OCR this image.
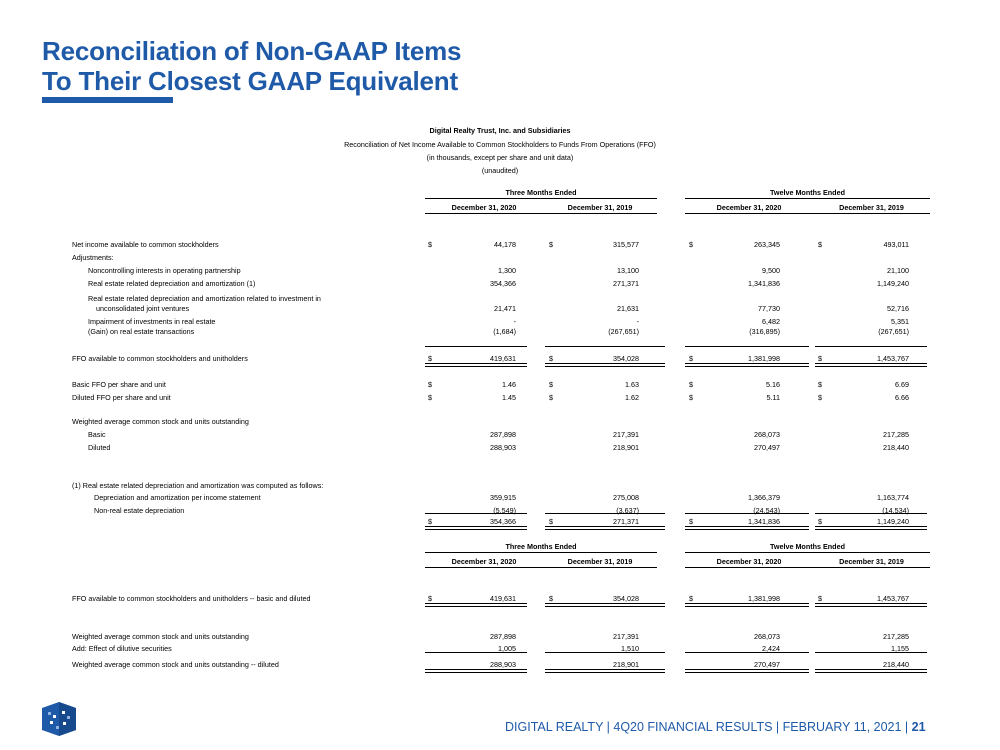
Reconciliation of Non-GAAP Items
To Their Closest GAAP Equivalent
Digital Realty Trust, Inc. and Subsidiaries
Reconciliation of Net Income Available to Common Stockholders to Funds From Operations (FFO)
(in thousands, except per share and unit data)
(unaudited)
Three Months Ended	Twelve Months Ended
December 31, 2020	December 31, 2019	December 31, 2020	December 31, 2019
Net income available to common stockholders	$	44,178	$	315,577	$	263,345	$	493,011
Adjustments:
Noncontrolling interests in operating partnership	1,300	13,100	9,500	21,100
Real estate related depreciation and amortization (1)	354,366	271,371	1,341,836	1,149,240
Real estate related depreciation and amortization related to investment in
unconsolidated joint ventures	21,471	21,631	77,730	52,716
Impairment of investments in real estate	-	-	6,482	5,351
(Gain) on real estate transactions	(1,684)	(267,651)	(316,895)	(267,651)
FFO available to common stockholders and unitholders	$	419,631	$	354,028	$	1,381,998	$	1,453,767
Basic FFO per share and unit	$	1.46	$	1.63	$	5.16	$	6.69
Diluted FFO per share and unit	$	1.45	$	1.62	$	5.11	$	6.66
Weighted average common stock and units outstanding
Basic	287,898	217,391	268,073	217,285
Diluted	288,903	218,901	270,497	218,440
(1) Real estate related depreciation and amortization was computed as follows:
Depreciation and amortization per income statement	359,915	275,008	1,366,379	1,163,774
Non-real estate depreciation	(5,549)	(3,637)	(24,543)	(14,534)
$	354,366	$	271,371	$	1,341,836	$	1,149,240
Three Months Ended	Twelve Months Ended
December 31, 2020	December 31, 2019	December 31, 2020	December 31, 2019
FFO available to common stockholders and unitholders -- basic and diluted	$	419,631	$	354,028	$	1,381,998	$	1,453,767
Weighted average common stock and units outstanding	287,898	217,391	268,073	217,285
Add: Effect of dilutive securities	1,005	1,510	2,424	1,155
Weighted average common stock and units outstanding -- diluted	288,903	218,901	270,497	218,440
DIGITAL REALTY | 4Q20 FINANCIAL RESULTS | FEBRUARY 11, 2021 | 21
